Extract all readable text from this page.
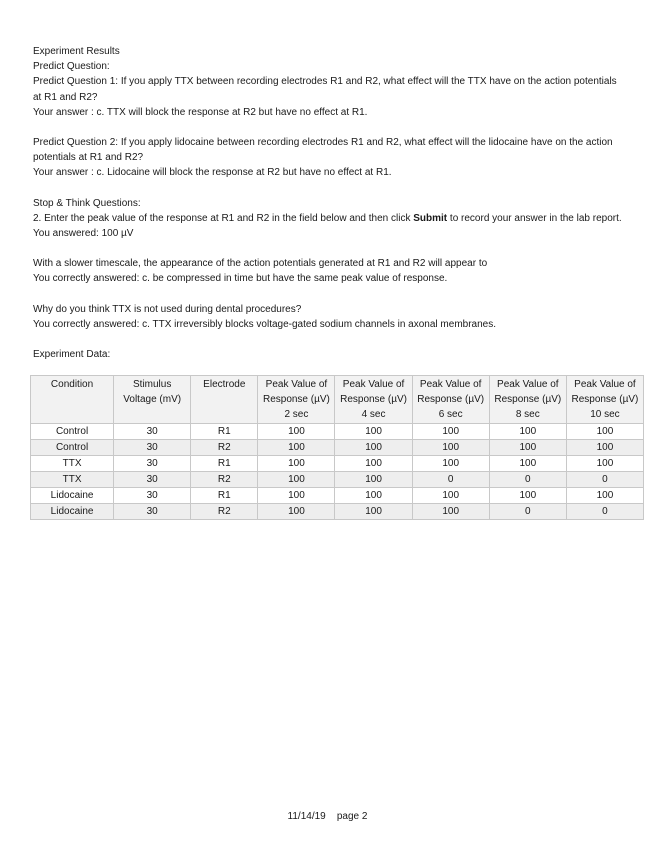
Experiment Results
Predict Question:
Predict Question 1: If you apply TTX between recording electrodes R1 and R2, what effect will the TTX have on the action potentials at R1 and R2?
Your answer : c. TTX will block the response at R2 but have no effect at R1.
Predict Question 2: If you apply lidocaine between recording electrodes R1 and R2, what effect will the lidocaine have on the action potentials at R1 and R2?
Your answer : c. Lidocaine will block the response at R2 but have no effect at R1.
Stop & Think Questions:
2. Enter the peak value of the response at R1 and R2 in the field below and then click Submit to record your answer in the lab report.
You answered: 100 µV
With a slower timescale, the appearance of the action potentials generated at R1 and R2 will appear to
You correctly answered: c. be compressed in time but have the same peak value of response.
Why do you think TTX is not used during dental procedures?
You correctly answered: c. TTX irreversibly blocks voltage-gated sodium channels in axonal membranes.
Experiment Data:
Condition	Stimulus Voltage (mV)	Electrode	Peak Value of Response (µV) 2 sec	Peak Value of Response (µV) 4 sec	Peak Value of Response (µV) 6 sec	Peak Value of Response (µV) 8 sec	Peak Value of Response (µV) 10 sec
Control	30	R1	100	100	100	100	100
Control	30	R2	100	100	100	100	100
TTX	30	R1	100	100	100	100	100
TTX	30	R2	100	100	0	0	0
Lidocaine	30	R1	100	100	100	100	100
Lidocaine	30	R2	100	100	100	0	0
11/14/19    page 2
